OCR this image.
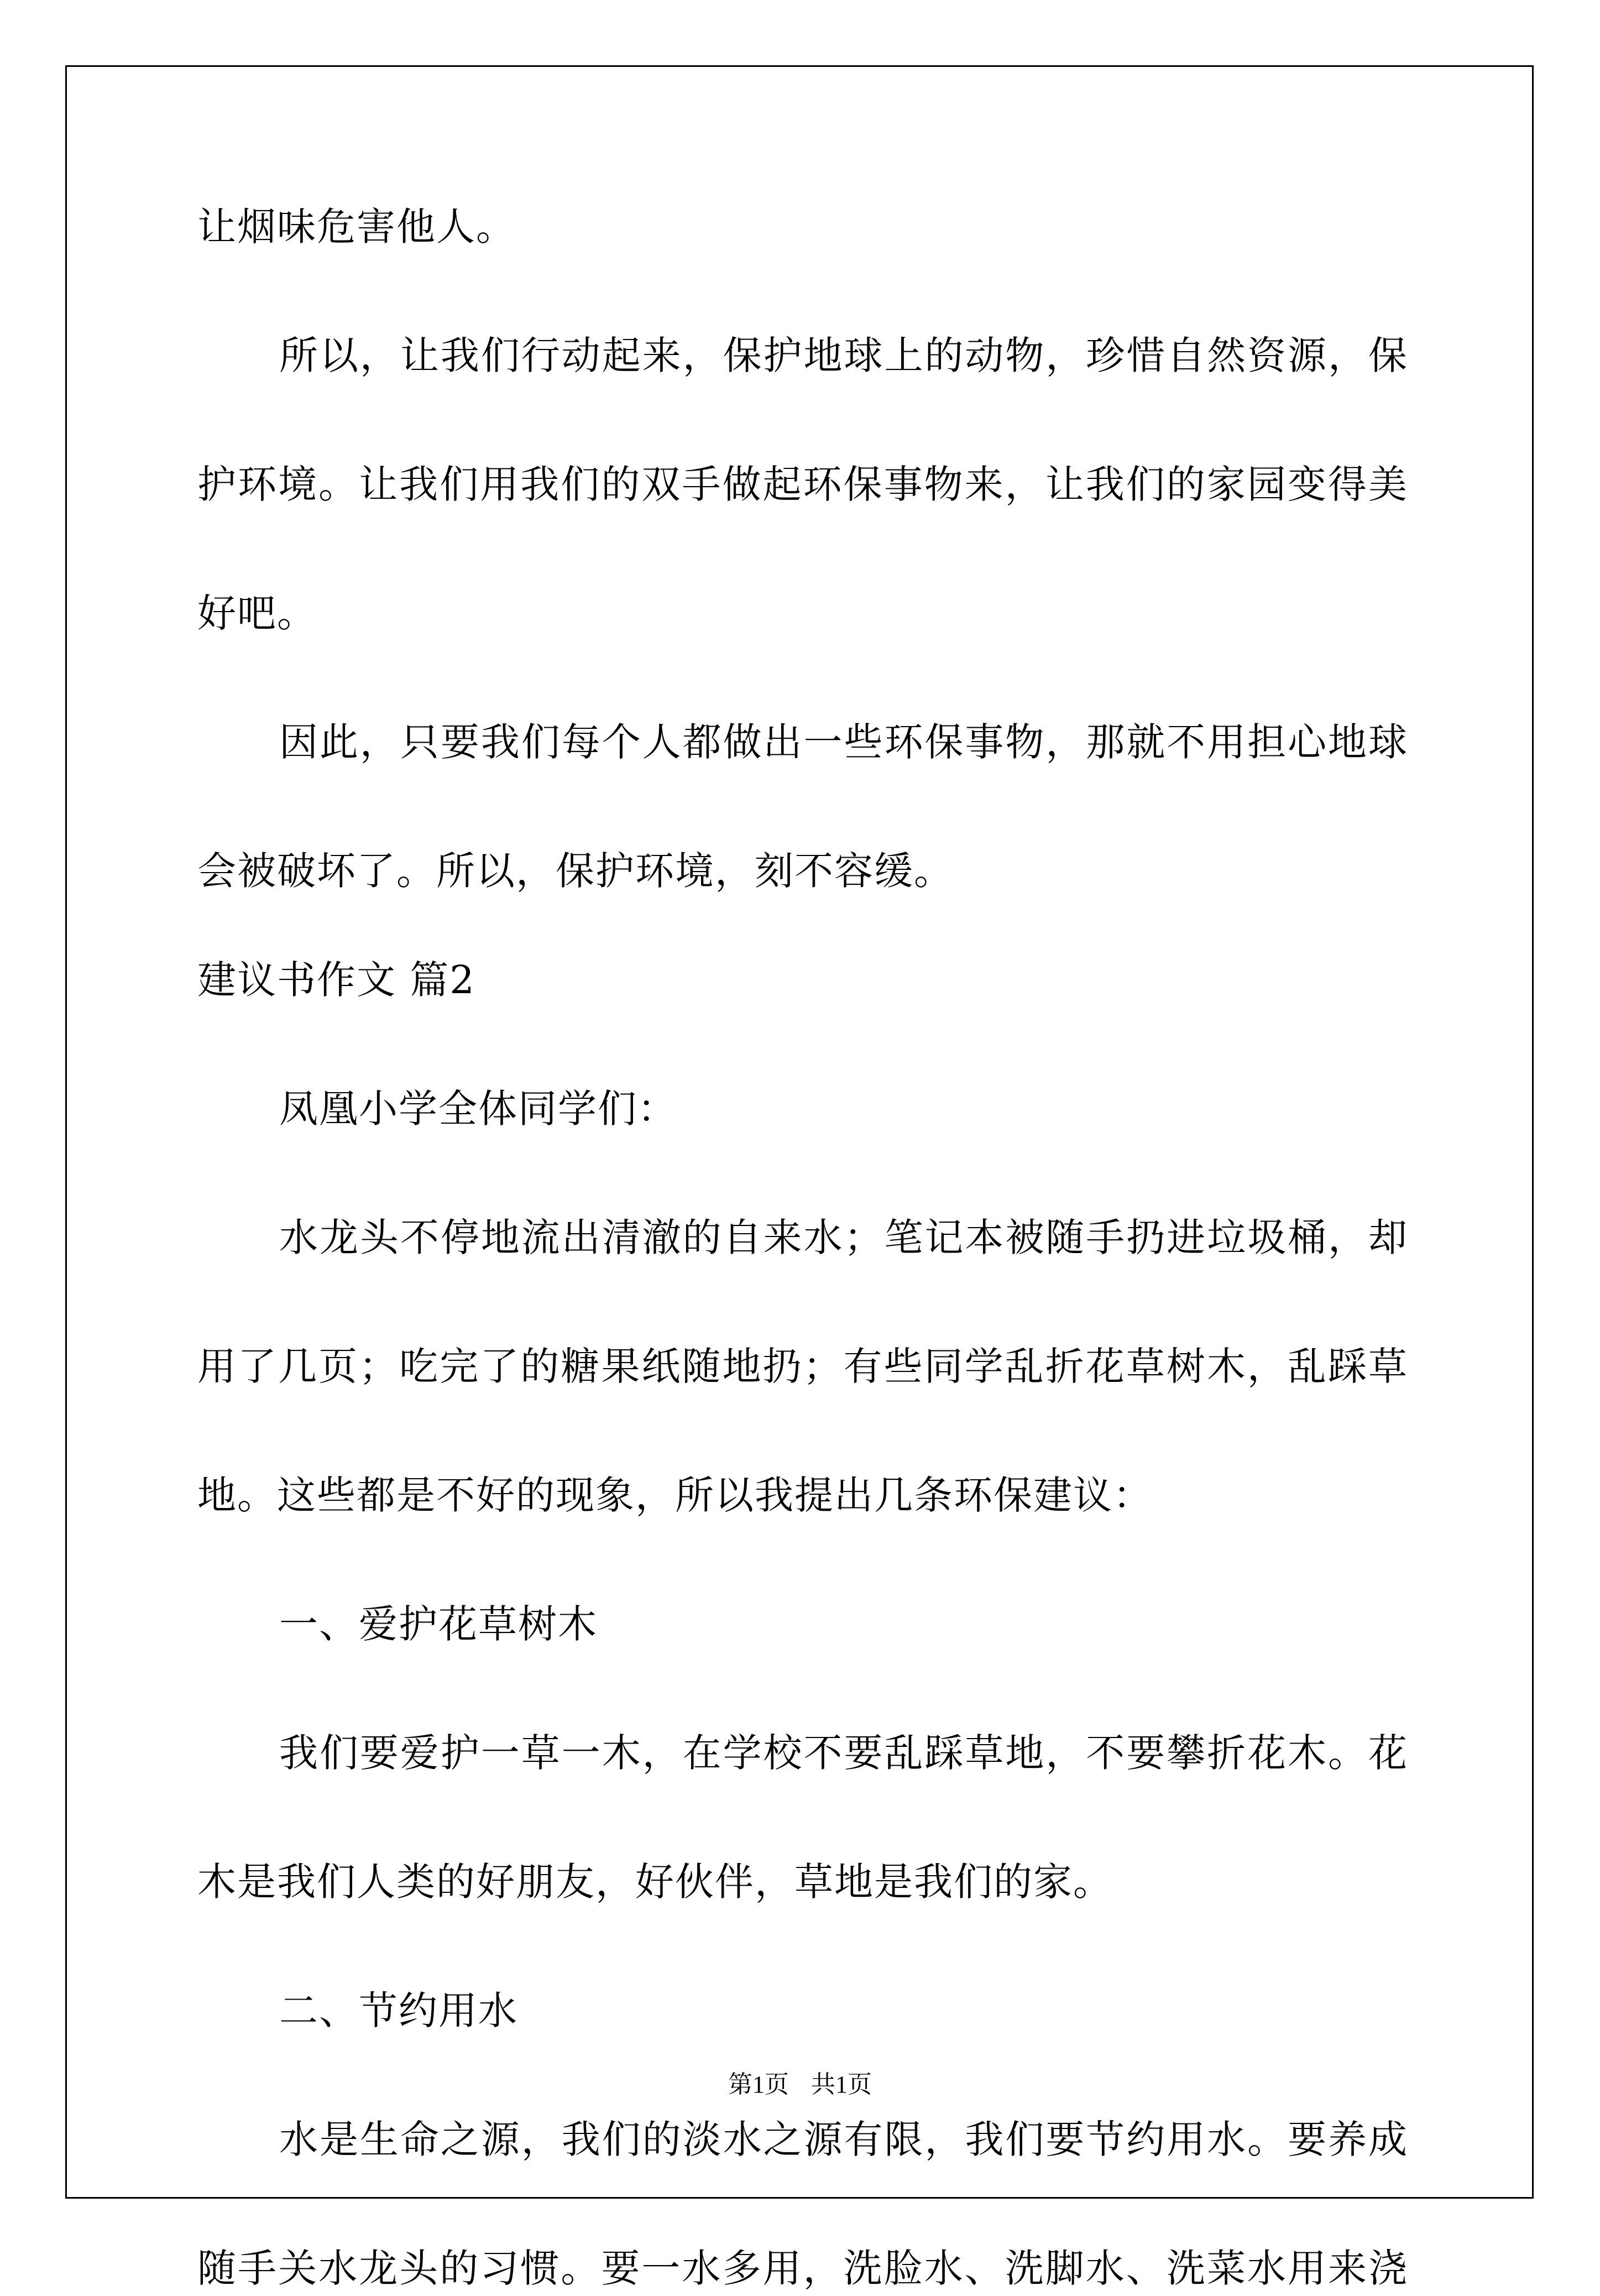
让烟味危害他人。

所以，让我们行动起来，保护地球上的动物，珍惜自然资源，保

护环境。让我们用我们的双手做起环保事物来，让我们的家园变得美

好吧。

因此，只要我们每个人都做出一些环保事物，那就不用担心地球

会被破坏了。所以，保护环境，刻不容缓。

建议书作文 篇2

凤凰小学全体同学们：

水龙头不停地流出清澈的自来水；笔记本被随手扔进垃圾桶，却

用了几页；吃完了的糖果纸随地扔；有些同学乱折花草树木，乱踩草

地。这些都是不好的现象，所以我提出几条环保建议：

一、爱护花草树木

我们要爱护一草一木，在学校不要乱踩草地，不要攀折花木。花

木是我们人类的好朋友，好伙伴，草地是我们的家。

二、节约用水

水是生命之源，我们的淡水之源有限，我们要节约用水。要养成

随手关水龙头的习惯。要一水多用，洗脸水、洗脚水、洗菜水用来浇

第1页 共1页
